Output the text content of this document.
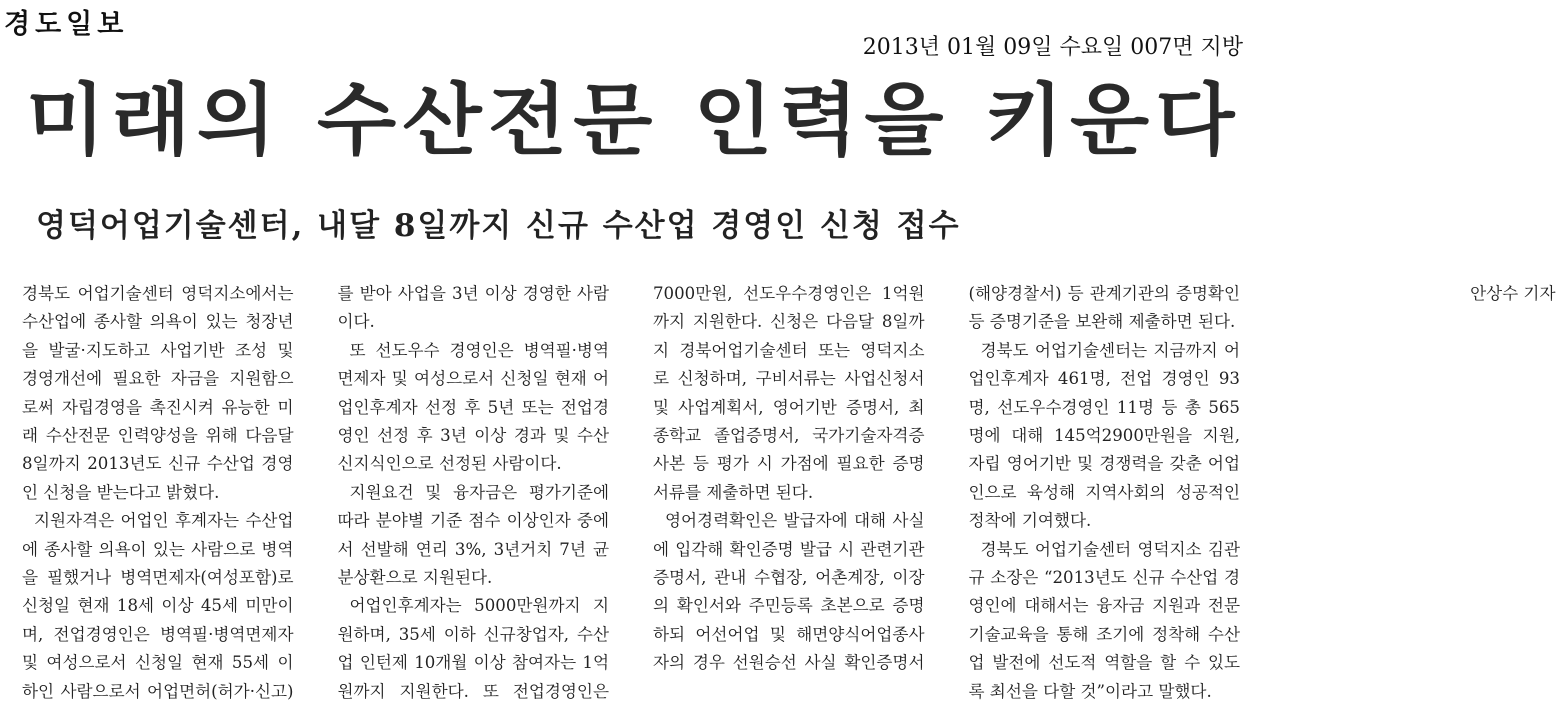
경도일보
2013년 01월 09일 수요일 007면 지방
미래의 수산전문 인력을 키운다
영덕어업기술센터, 내달 8일까지 신규 수산업 경영인 신청 접수

경북도 어업기술센터 영덕지소에서는 수산업에 종사할 의욕이 있는 청장년을 발굴·지도하고 사업기반 조성 및 경영개선에 필요한 자금을 지원함으로써 자립경영을 촉진시켜 유능한 미래 수산전문 인력양성을 위해 다음달 8일까지 2013년도 신규 수산업 경영인 신청을 받는다고 밝혔다.

지원자격은 어업인 후계자는 수산업에 종사할 의욕이 있는 사람으로 병역을 필했거나 병역면제자(여성포함)로 신청일 현재 18세 이상 45세 미만이며, 전업경영인은 병역필·병역면제자 및 여성으로서 신청일 현재 55세 이하인 사람으로서 어업면허(허가·신고)를 받아 사업을 3년 이상 경영한 사람이다.

또 선도우수 경영인은 병역필·병역면제자 및 여성으로서 신청일 현재 어업인후계자 선정 후 5년 또는 전업경영인 선정 후 3년 이상 경과 및 수산신지식인으로 선정된 사람이다.

지원요건 및 융자금은 평가기준에 따라 분야별 기준 점수 이상인자 중에서 선발해 연리 3%, 3년거치 7년 균분상환으로 지원된다.

어업인후계자는 5000만원까지 지원하며, 35세 이하 신규창업자, 수산업 인턴제 10개월 이상 참여자는 1억원까지 지원한다. 또 전업경영인은 7000만원, 선도우수경영인은 1억원까지 지원한다. 신청은 다음달 8일까지 경북어업기술센터 또는 영덕지소로 신청하며, 구비서류는 사업신청서 및 사업계획서, 영어기반 증명서, 최종학교 졸업증명서, 국가기술자격증 사본 등 평가 시 가점에 필요한 증명서류를 제출하면 된다.

영어경력확인은 발급자에 대해 사실에 입각해 확인증명 발급 시 관련기관 증명서, 관내 수협장, 어촌계장, 이장의 확인서와 주민등록 초본으로 증명하되 어선어업 및 해면양식어업종사자의 경우 선원승선 사실 확인증명서(해양경찰서) 등 관계기관의 증명확인 등 증명기준을 보완해 제출하면 된다.

경북도 어업기술센터는 지금까지 어업인후계자 461명, 전업 경영인 93명, 선도우수경영인 11명 등 총 565명에 대해 145억2900만원을 지원, 자립 영어기반 및 경쟁력을 갖춘 어업인으로 육성해 지역사회의 성공적인 정착에 기여했다.

경북도 어업기술센터 영덕지소 김관규 소장은 “2013년도 신규 수산업 경영인에 대해서는 융자금 지원과 전문기술교육을 통해 조기에 정착해 수산업 발전에 선도적 역할을 할 수 있도록 최선을 다할 것”이라고 말했다.
안상수 기자
